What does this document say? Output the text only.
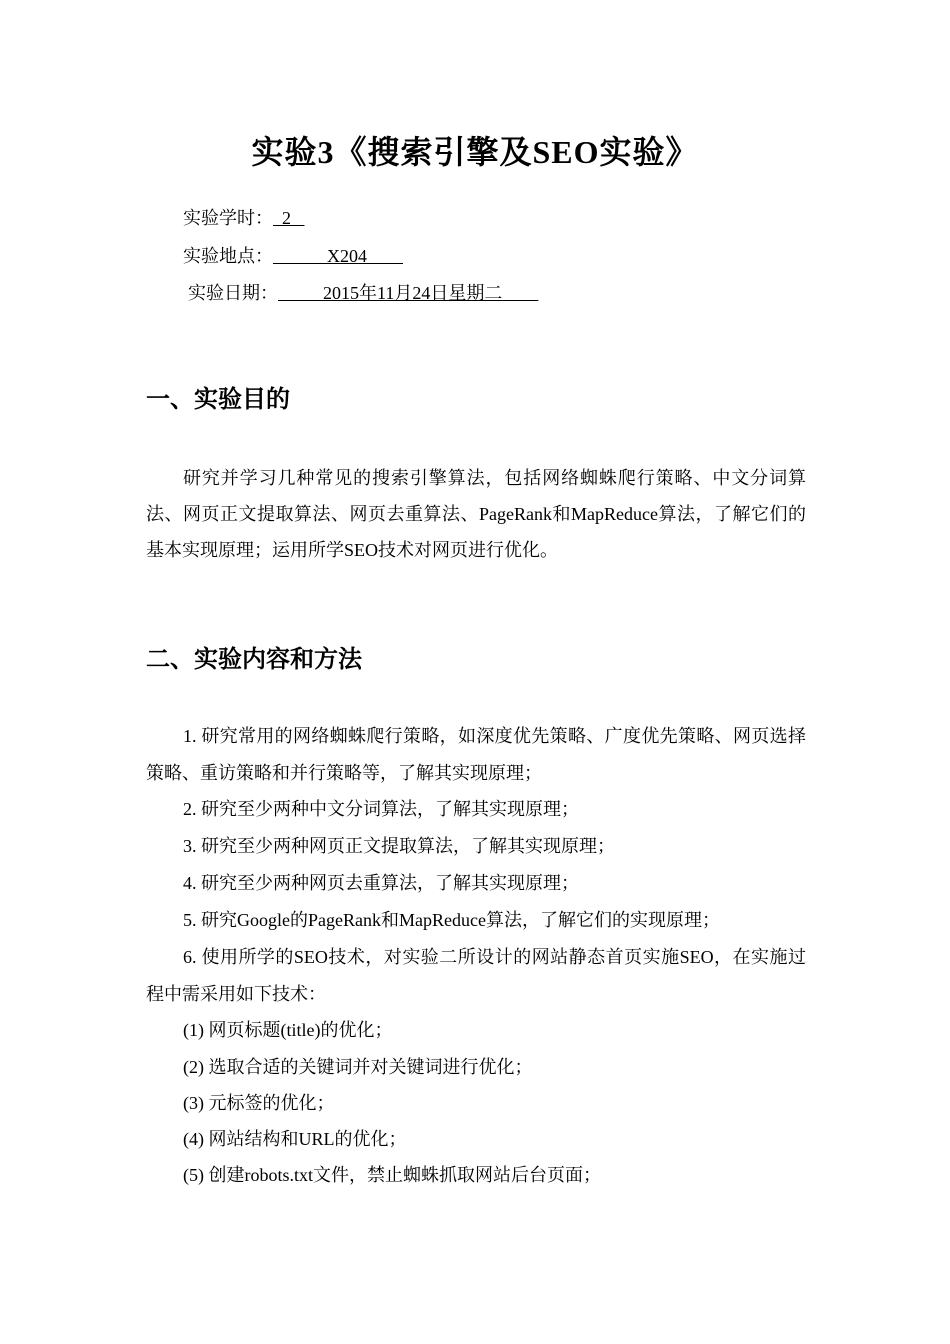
实验3《搜索引擎及SEO实验》
实验学时：  2
实验地点：            X204
实验日期：          2015年11月24日星期二
一、实验目的
研究并学习几种常见的搜索引擎算法，包括网络蜘蛛爬行策略、中文分词算法、网页正文提取算法、网页去重算法、PageRank和MapReduce算法，了解它们的基本实现原理；运用所学SEO技术对网页进行优化。
二、实验内容和方法
1. 研究常用的网络蜘蛛爬行策略，如深度优先策略、广度优先策略、网页选择策略、重访策略和并行策略等，了解其实现原理；
2. 研究至少两种中文分词算法，了解其实现原理；
3. 研究至少两种网页正文提取算法，了解其实现原理；
4. 研究至少两种网页去重算法，了解其实现原理；
5. 研究Google的PageRank和MapReduce算法，了解它们的实现原理；
6. 使用所学的SEO技术，对实验二所设计的网站静态首页实施SEO，在实施过程中需采用如下技术：
(1) 网页标题(title)的优化；
(2) 选取合适的关键词并对关键词进行优化；
(3) 元标签的优化；
(4) 网站结构和URL的优化；
(5) 创建robots.txt文件，禁止蜘蛛抓取网站后台页面；
